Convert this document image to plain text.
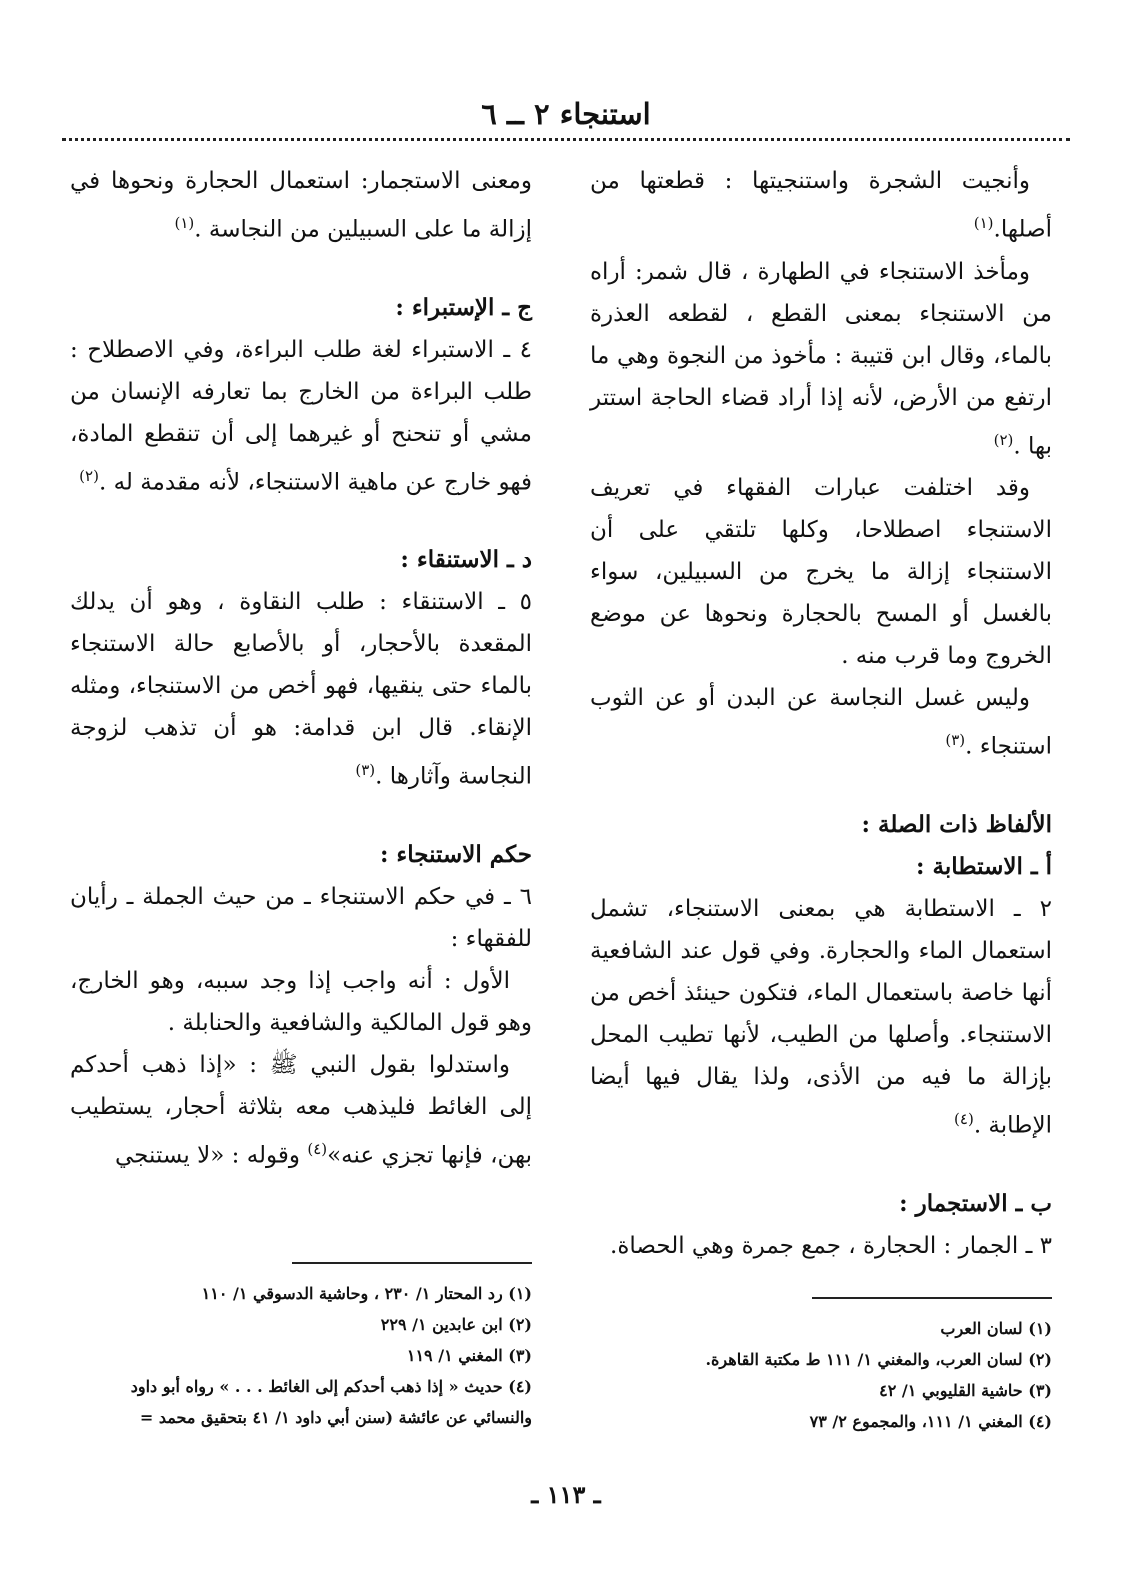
استنجاء ٢ ــ ٦

وأنجيت الشجرة واستنجيتها : قطعتها من أصلها.$^{(١)}$

ومأخذ الاستنجاء في الطهارة ، قال شمر: أراه من الاستنجاء بمعنى القطع ، لقطعه العذرة بالماء، وقال ابن قتيبة : مأخوذ من النجوة وهي ما ارتفع من الأرض، لأنه إذا أراد قضاء الحاجة استتر بها .$^{(٢)}$

وقد اختلفت عبارات الفقهاء في تعريف الاستنجاء اصطلاحا، وكلها تلتقي على أن الاستنجاء إزالة ما يخرج من السبيلين، سواء بالغسل أو المسح بالحجارة ونحوها عن موضع الخروج وما قرب منه .

وليس غسل النجاسة عن البدن أو عن الثوب استنجاء .$^{(٣)}$

الألفاظ ذات الصلة :

أ ـ الاستطابة :

٢ ـ الاستطابة هي بمعنى الاستنجاء، تشمل استعمال الماء والحجارة. وفي قول عند الشافعية أنها خاصة باستعمال الماء، فتكون حينئذ أخص من الاستنجاء. وأصلها من الطيب، لأنها تطيب المحل بإزالة ما فيه من الأذى، ولذا يقال فيها أيضا الإطابة .$^{(٤)}$

ب ـ الاستجمار :

٣ ـ الجمار : الحجارة ، جمع جمرة وهي الحصاة.

ومعنى الاستجمار: استعمال الحجارة ونحوها في إزالة ما على السبيلين من النجاسة .$^{(١)}$

ج ـ الإستبراء :

٤ ـ الاستبراء لغة طلب البراءة، وفي الاصطلاح : طلب البراءة من الخارج بما تعارفه الإنسان من مشي أو تنحنح أو غيرهما إلى أن تنقطع المادة، فهو خارج عن ماهية الاستنجاء، لأنه مقدمة له .$^{(٢)}$

د ـ الاستنقاء :

٥ ـ الاستنقاء : طلب النقاوة ، وهو أن يدلك المقعدة بالأحجار، أو بالأصابع حالة الاستنجاء بالماء حتى ينقيها، فهو أخص من الاستنجاء، ومثله الإنقاء. قال ابن قدامة: هو أن تذهب لزوجة النجاسة وآثارها .$^{(٣)}$

حكم الاستنجاء :

٦ ـ في حكم الاستنجاء ـ من حيث الجملة ـ رأيان للفقهاء :

الأول : أنه واجب إذا وجد سببه، وهو الخارج، وهو قول المالكية والشافعية والحنابلة .

واستدلوا بقول النبي ﷺ : «إذا ذهب أحدكم إلى الغائط فليذهب معه بثلاثة أحجار، يستطيب بهن، فإنها تجزي عنه»$^{(٤)}$ وقوله : «لا يستنجي

(١) لسان العرب

(٢) لسان العرب، والمغني ١/ ١١١ ط مكتبة القاهرة.

(٣) حاشية القليوبي ١/ ٤٢

(٤) المغني ١/ ١١١، والمجموع ٢/ ٧٣

(١) رد المحتار ١/ ٢٣٠ ، وحاشية الدسوقي ١/ ١١٠

(٢) ابن عابدين ١/ ٢٢٩

(٣) المغني ١/ ١١٩

(٤) حديث « إذا ذهب أحدكم إلى الغائط . . . » رواه أبو داود

والنسائي عن عائشة (سنن أبي داود ١/ ٤١ بتحقيق محمد =

ـ ١١٣ ـ
